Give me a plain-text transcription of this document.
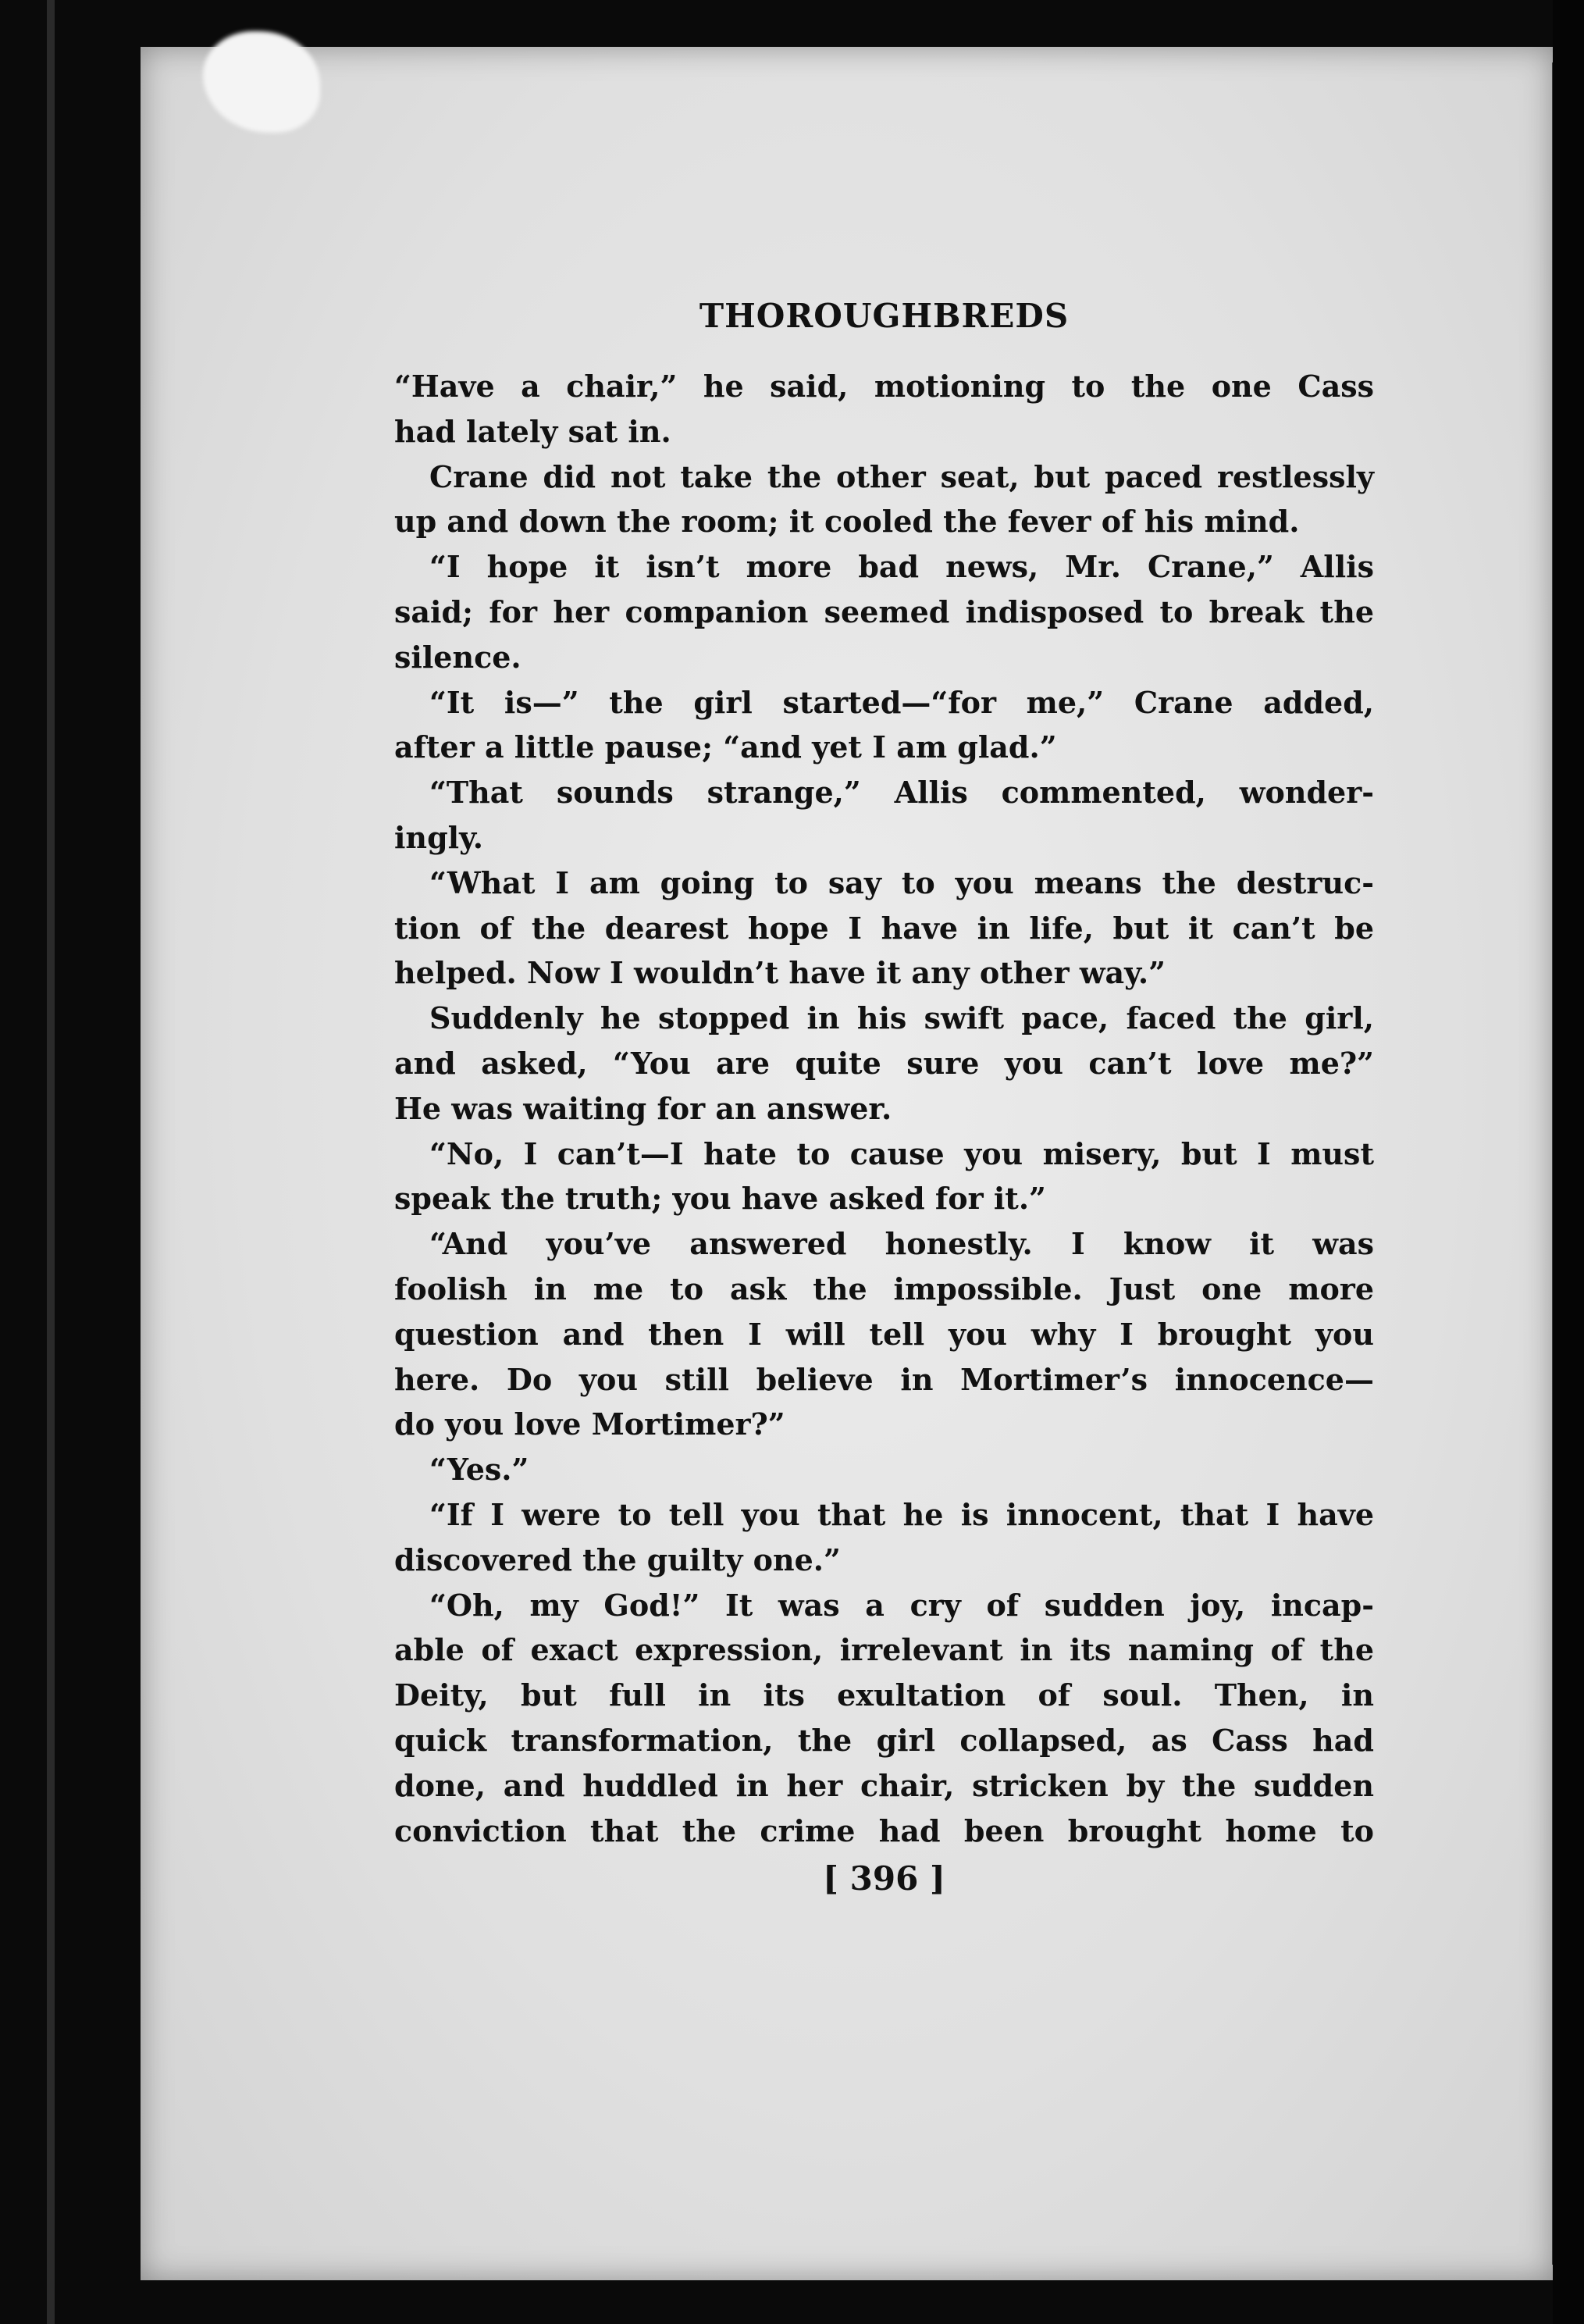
THOROUGHBREDS
“Have a chair,” he said, motioning to the one Cass
had lately sat in.
Crane did not take the other seat, but paced restlessly
up and down the room; it cooled the fever of his mind.
“I hope it isn’t more bad news, Mr. Crane,” Allis
said; for her companion seemed indisposed to break the
silence.
“It is—” the girl started—“for me,” Crane added,
after a little pause; “and yet I am glad.”
“That sounds strange,” Allis commented, wonder-
ingly.
“What I am going to say to you means the destruc-
tion of the dearest hope I have in life, but it can’t be
helped. Now I wouldn’t have it any other way.”
Suddenly he stopped in his swift pace, faced the girl,
and asked, “You are quite sure you can’t love me?”
He was waiting for an answer.
“No, I can’t—I hate to cause you misery, but I must
speak the truth; you have asked for it.”
“And you’ve answered honestly. I know it was
foolish in me to ask the impossible. Just one more
question and then I will tell you why I brought you
here. Do you still believe in Mortimer’s innocence—
do you love Mortimer?”
“Yes.”
“If I were to tell you that he is innocent, that I have
discovered the guilty one.”
“Oh, my God!” It was a cry of sudden joy, incap-
able of exact expression, irrelevant in its naming of the
Deity, but full in its exultation of soul. Then, in
quick transformation, the girl collapsed, as Cass had
done, and huddled in her chair, stricken by the sudden
conviction that the crime had been brought home to
[ 396 ]
